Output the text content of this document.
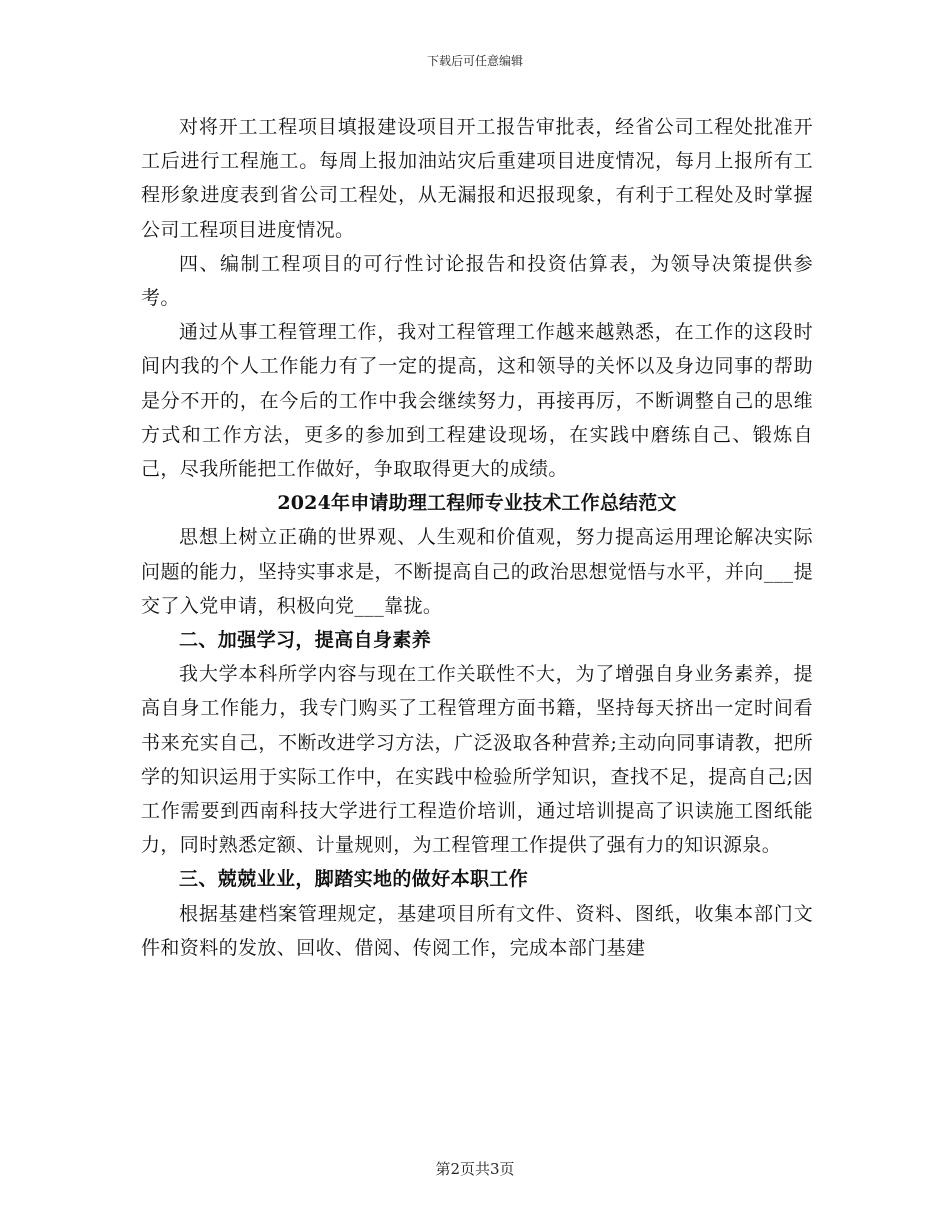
下载后可任意编辑

对将开工工程项目填报建设项目开工报告审批表，经省公司工程处批准开工后进行工程施工。每周上报加油站灾后重建项目进度情况，每月上报所有工程形象进度表到省公司工程处，从无漏报和迟报现象，有利于工程处及时掌握公司工程项目进度情况。

四、编制工程项目的可行性讨论报告和投资估算表，为领导决策提供参考。

通过从事工程管理工作，我对工程管理工作越来越熟悉，在工作的这段时间内我的个人工作能力有了一定的提高，这和领导的关怀以及身边同事的帮助是分不开的，在今后的工作中我会继续努力，再接再厉，不断调整自己的思维方式和工作方法，更多的参加到工程建设现场，在实践中磨练自己、锻炼自己，尽我所能把工作做好，争取取得更大的成绩。

2024年申请助理工程师专业技术工作总结范文

思想上树立正确的世界观、人生观和价值观，努力提高运用理论解决实际问题的能力，坚持实事求是，不断提高自己的政治思想觉悟与水平，并向___提交了入党申请，积极向党___靠拢。

二、加强学习，提高自身素养

我大学本科所学内容与现在工作关联性不大，为了增强自身业务素养，提高自身工作能力，我专门购买了工程管理方面书籍，坚持每天挤出一定时间看书来充实自己，不断改进学习方法，广泛汲取各种营养;主动向同事请教，把所学的知识运用于实际工作中，在实践中检验所学知识，查找不足，提高自己;因工作需要到西南科技大学进行工程造价培训，通过培训提高了识读施工图纸能力，同时熟悉定额、计量规则，为工程管理工作提供了强有力的知识源泉。

三、兢兢业业，脚踏实地的做好本职工作

根据基建档案管理规定，基建项目所有文件、资料、图纸，收集本部门文件和资料的发放、回收、借阅、传阅工作，完成本部门基建

第2页共3页
